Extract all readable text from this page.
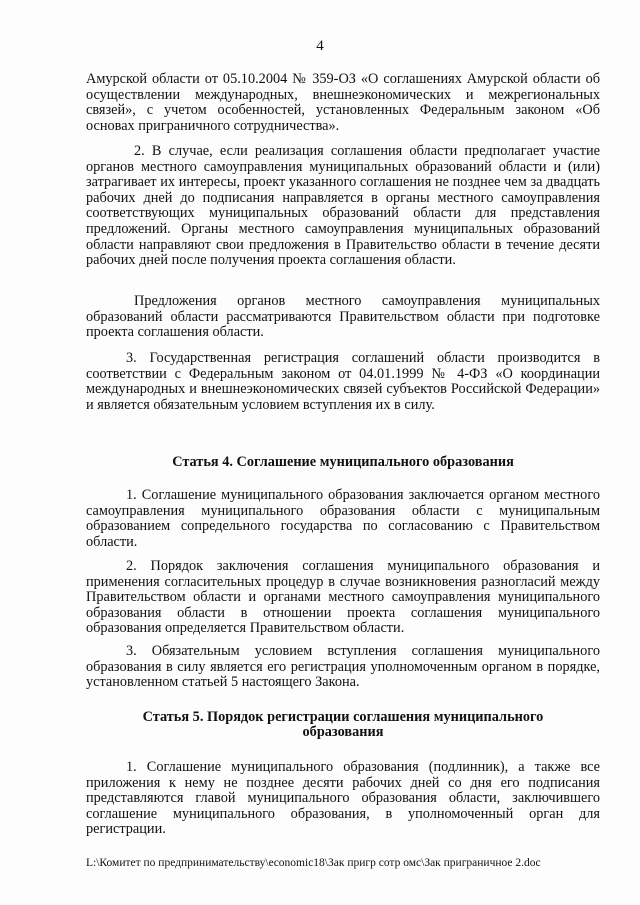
4
Амурской области от 05.10.2004 № 359-ОЗ «О соглашениях Амурской области об осуществлении международных, внешнеэкономических и межрегиональных связей», с учетом особенностей, установленных Федеральным законом «Об основах приграничного сотрудничества».
2. В случае, если реализация соглашения области предполагает участие органов местного самоуправления муниципальных образований области и (или) затрагивает их интересы, проект указанного соглашения не позднее чем за двадцать рабочих дней до подписания направляется в органы местного самоуправления соответствующих муниципальных образований области для представления предложений. Органы местного самоуправления муниципальных образований области направляют свои предложения в Правительство области в течение десяти рабочих дней после получения проекта соглашения области.
Предложения органов местного самоуправления муниципальных образований области рассматриваются Правительством области при подготовке проекта соглашения области.
3. Государственная регистрация соглашений области производится в соответствии с Федеральным законом от 04.01.1999 № 4-ФЗ «О координации международных и внешнеэкономических связей субъектов Российской Федерации» и является обязательным условием вступления их в силу.
Статья 4. Соглашение муниципального образования
1. Соглашение муниципального образования заключается органом местного самоуправления муниципального образования области с муниципальным образованием сопредельного государства по согласованию с Правительством области.
2. Порядок заключения соглашения муниципального образования и применения согласительных процедур в случае возникновения разногласий между Правительством области и органами местного самоуправления муниципального образования области в отношении проекта соглашения муниципального образования определяется Правительством области.
3. Обязательным условием вступления соглашения муниципального образования в силу является его регистрация уполномоченным органом в порядке, установленном статьей 5 настоящего Закона.
Статья 5. Порядок регистрации соглашения муниципального
образования
1. Соглашение муниципального образования (подлинник), а также все приложения к нему не позднее десяти рабочих дней со дня его подписания представляются главой муниципального образования области, заключившего соглашение муниципального образования, в уполномоченный орган для регистрации.
L:\Комитет по предпринимательству\economic18\Зак пригр сотр омс\Зак приграничное 2.doc
